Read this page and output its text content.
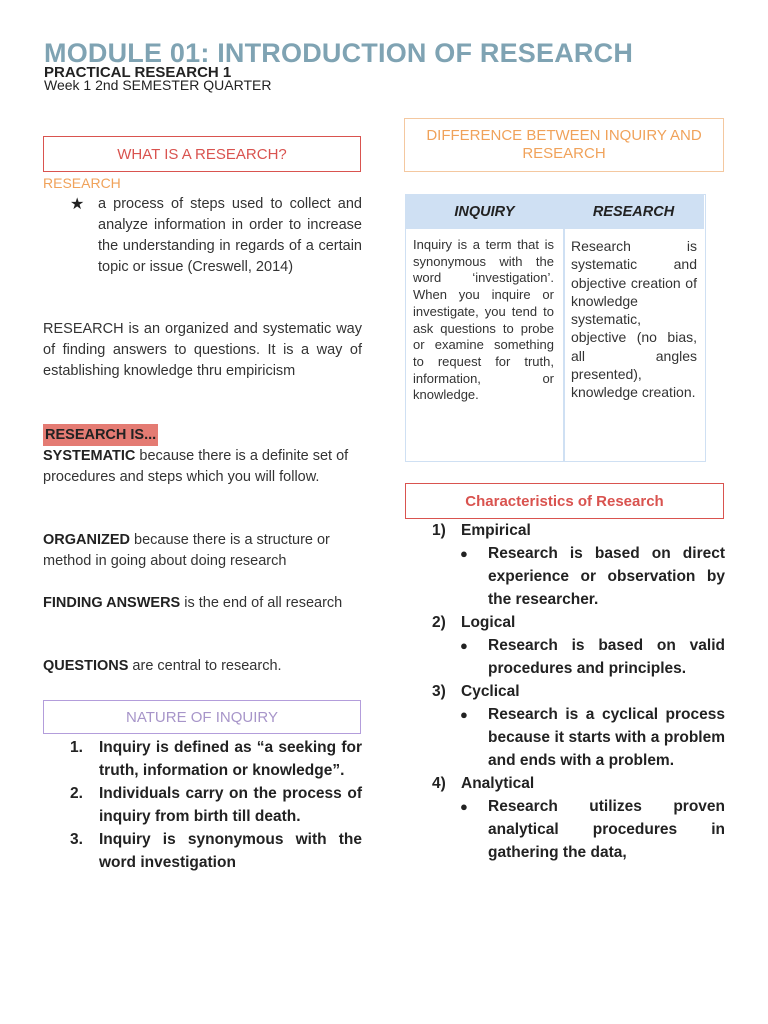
MODULE 01: INTRODUCTION OF RESEARCH
PRACTICAL RESEARCH 1
Week 1 2nd SEMESTER QUARTER
WHAT IS A RESEARCH?
RESEARCH
★ a process of steps used to collect and analyze information in order to increase the understanding in regards of a certain topic or issue (Creswell, 2014)
RESEARCH is an organized and systematic way of finding answers to questions. It is a way of establishing knowledge thru empiricism
RESEARCH IS...
SYSTEMATIC because there is a definite set of procedures and steps which you will follow.
ORGANIZED because there is a structure or method in going about doing research
FINDING ANSWERS is the end of all research
QUESTIONS are central to research.
NATURE OF INQUIRY
1.	Inquiry is defined as “a seeking for truth, information or knowledge”.
2.	Individuals carry on the process of inquiry from birth till death.
3.	Inquiry is synonymous with the word investigation
DIFFERENCE BETWEEN INQUIRY AND RESEARCH
INQUIRY	RESEARCH
Inquiry is a term that is synonymous with the word ‘investigation’. When you inquire or investigate, you tend to ask questions to probe or examine something to request for truth, information, or knowledge.
Research is systematic and objective creation of knowledge systematic, objective (no bias, all angles presented), knowledge creation.
Characteristics of Research
1) Empirical
● Research is based on direct experience or observation by the researcher.
2) Logical
● Research is based on valid procedures and principles.
3) Cyclical
● Research is a cyclical process because it starts with a problem and ends with a problem.
4) Analytical
● Research utilizes proven analytical procedures in gathering the data,
